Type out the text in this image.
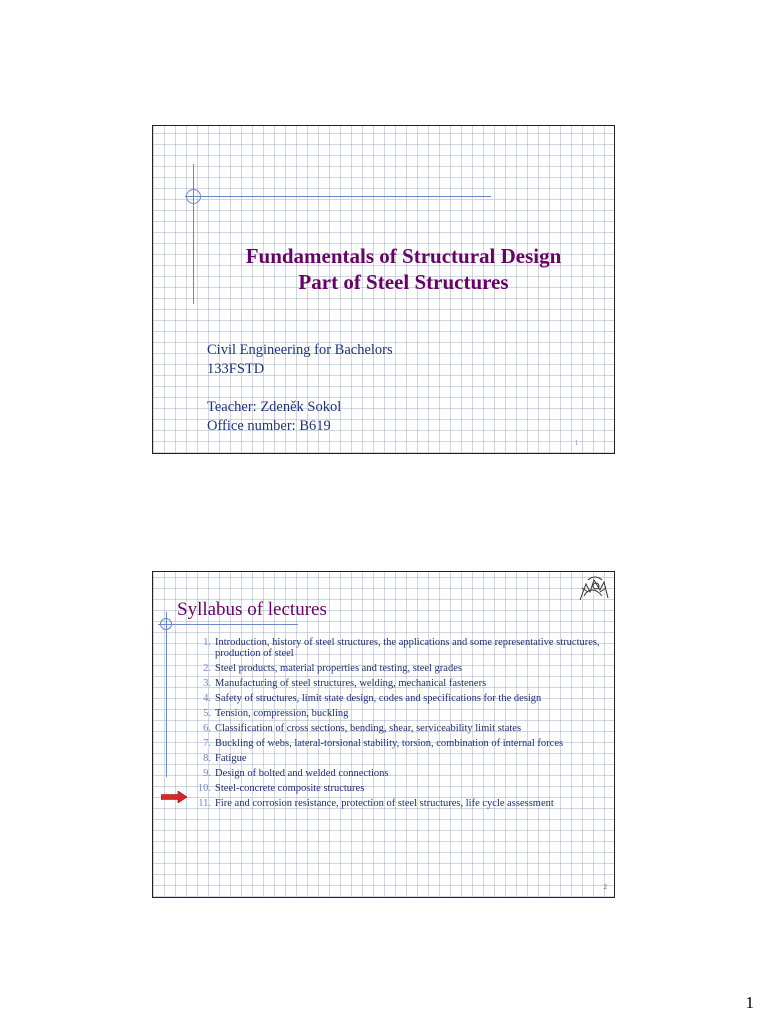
Fundamentals of Structural Design
Part of Steel Structures
Civil Engineering for Bachelors
133FSTD
Teacher: Zdeněk Sokol
Office number: B619
1
Syllabus of lectures
1. Introduction, history of steel structures, the applications and some representative structures, production of steel
2. Steel products, material properties and testing, steel grades
3. Manufacturing of steel structures, welding, mechanical fasteners
4. Safety of structures, limit state design, codes and specifications for the design
5. Tension, compression, buckling
6. Classification of cross sections, bending, shear, serviceability limit states
7. Buckling of webs, lateral-torsional stability, torsion, combination of internal forces
8. Fatigue
9. Design of bolted and welded connections
10. Steel-concrete composite structures
11. Fire and corrosion resistance, protection of steel structures, life cycle assessment
2
1
